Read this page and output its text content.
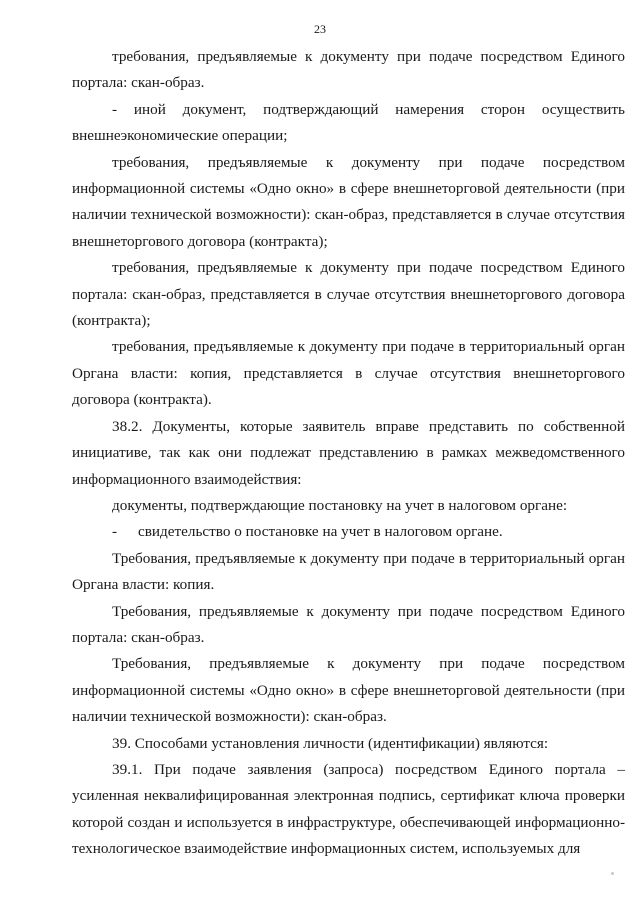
23

требования, предъявляемые к документу при подаче посредством Единого портала: скан-образ.

- иной документ, подтверждающий намерения сторон осуществить внешнеэкономические операции;

требования, предъявляемые к документу при подаче посредством информационной системы «Одно окно» в сфере внешнеторговой деятельности (при наличии технической возможности): скан-образ, представляется в случае отсутствия внешнеторгового договора (контракта);

требования, предъявляемые к документу при подаче посредством Единого портала: скан-образ, представляется в случае отсутствия внешнеторгового договора (контракта);

требования, предъявляемые к документу при подаче в территориальный орган Органа власти: копия, представляется в случае отсутствия внешнеторгового договора (контракта).

38.2. Документы, которые заявитель вправе представить по собственной инициативе, так как они подлежат представлению в рамках межведомственного информационного взаимодействия:

документы, подтверждающие постановку на учет в налоговом органе:

- свидетельство о постановке на учет в налоговом органе.

Требования, предъявляемые к документу при подаче в территориальный орган Органа власти: копия.

Требования, предъявляемые к документу при подаче посредством Единого портала: скан-образ.

Требования, предъявляемые к документу при подаче посредством информационной системы «Одно окно» в сфере внешнеторговой деятельности (при наличии технической возможности): скан-образ.

39. Способами установления личности (идентификации) являются:

39.1. При подаче заявления (запроса) посредством Единого портала – усиленная неквалифицированная электронная подпись, сертификат ключа проверки которой создан и используется в инфраструктуре, обеспечивающей информационно-технологическое взаимодействие информационных систем, используемых для
